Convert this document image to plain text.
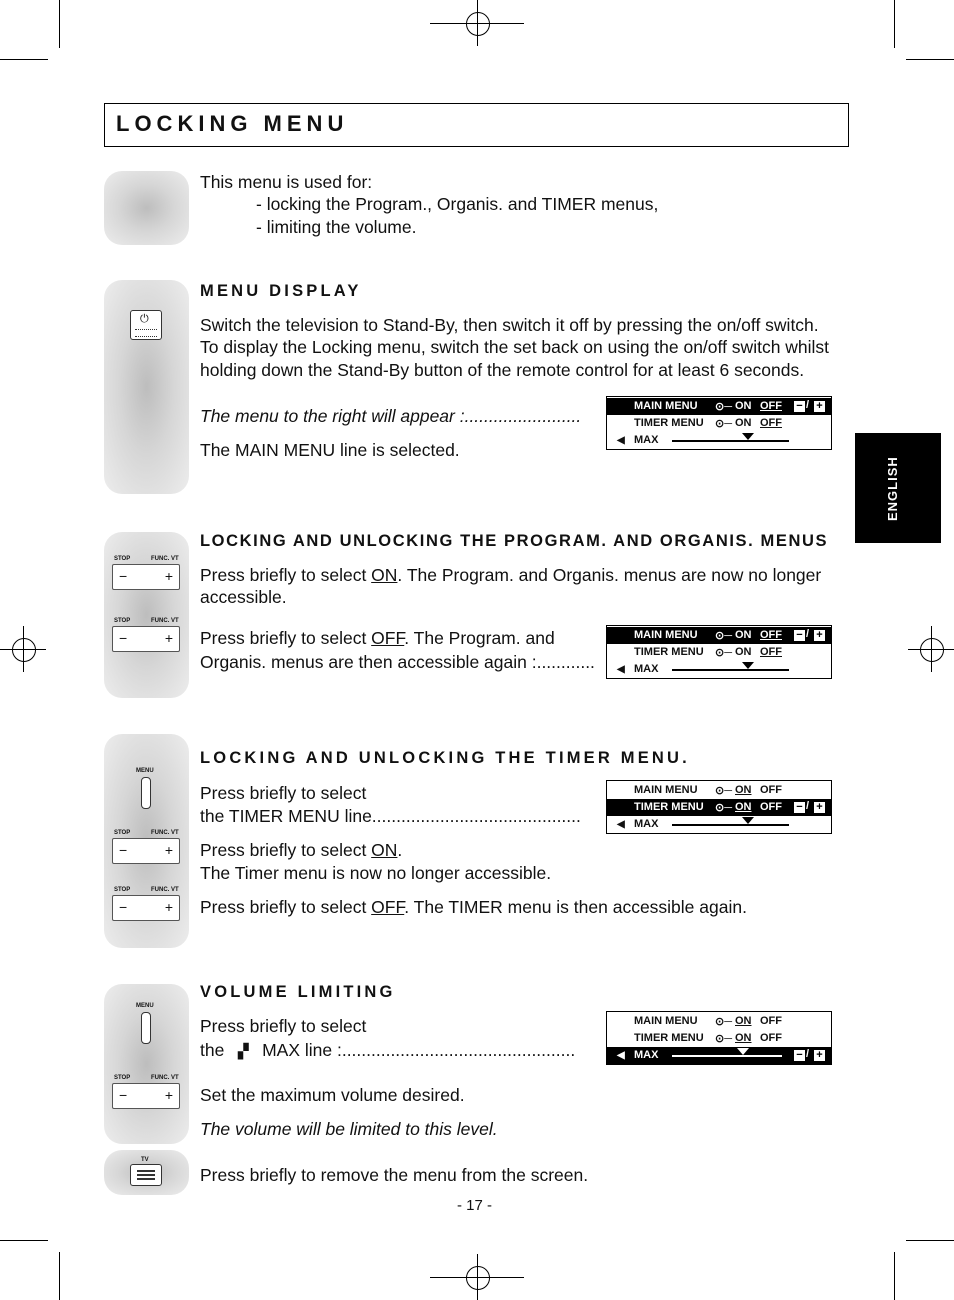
LOCKING MENU
ENGLISH
⏻
STOP	FUNC. VT
−	+
STOP	FUNC. VT
−	+
MENU
STOP	FUNC. VT
−	+
STOP	FUNC. VT
−	+
MENU
STOP	FUNC. VT
−	+
TV
This menu is used for:
- locking the Program., Organis. and TIMER menus,
- limiting the volume.
MENU DISPLAY
Switch the television to Stand-By, then switch it off by pressing the on/off switch.
To display the Locking menu, switch the set back on using the on/off switch whilst
holding down the Stand-By button of the remote control for at least 6 seconds.
The menu to the right will appear :........................
The MAIN MENU line is selected.
LOCKING AND UNLOCKING THE PROGRAM. AND ORGANIS. MENUS
Press briefly to select ON. The Program. and Organis. menus are now no longer
accessible.
Press briefly to select OFF. The Program. and
Organis. menus are then accessible again :............
LOCKING AND UNLOCKING THE TIMER MENU.
Press briefly to select
the TIMER MENU line...........................................
Press briefly to select ON.
The Timer menu is now no longer accessible.
Press briefly to select OFF. The TIMER menu is then accessible again.
VOLUME LIMITING
Press briefly to select
the ▞ MAX line :................................................
Set the maximum volume desired.
The volume will be limited to this level.
Press briefly to remove the menu from the screen.
- 17 -
MAIN MENU ⊙─ ON OFF − / +
TIMER MENU ⊙─ ON OFF
◀ MAX
MAIN MENU ⊙─ ON OFF − / +
TIMER MENU ⊙─ ON OFF
◀ MAX
MAIN MENU ⊙─ ON OFF
TIMER MENU ⊙─ ON OFF − / +
◀ MAX
MAIN MENU ⊙─ ON OFF
TIMER MENU ⊙─ ON OFF
◀ MAX	− / +
